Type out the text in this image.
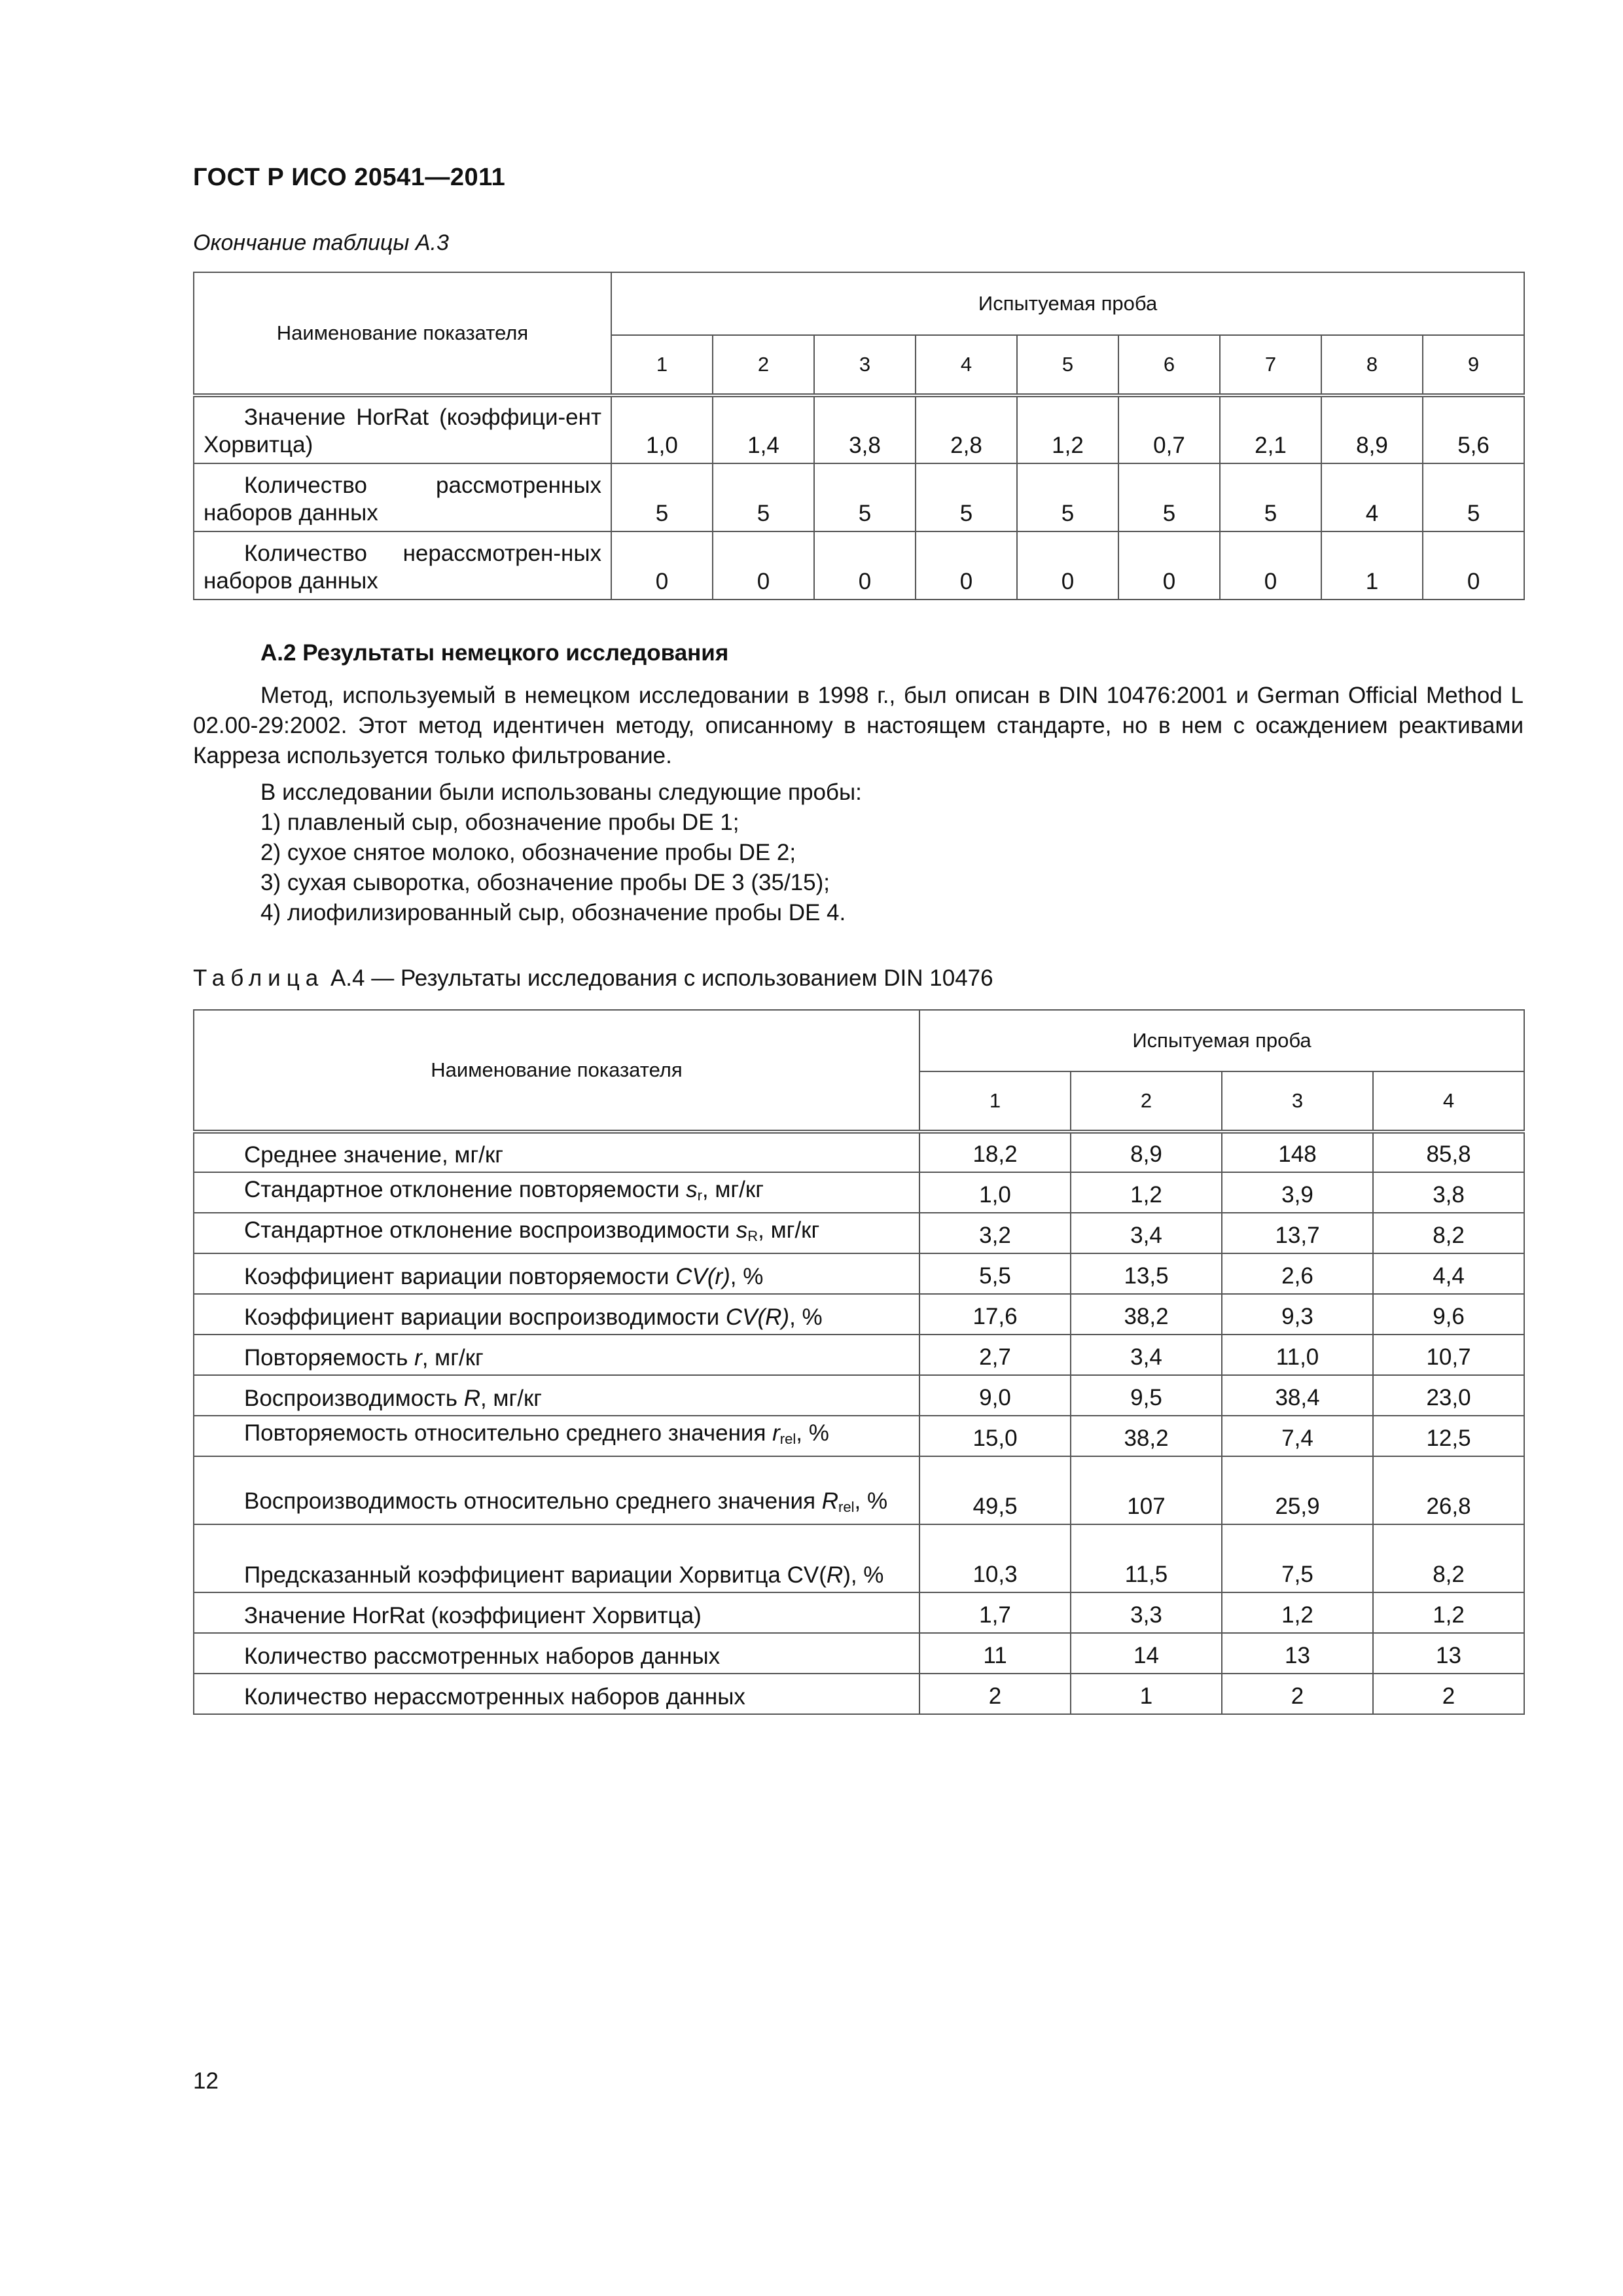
ГОСТ Р ИСО 20541—2011
Окончание таблицы А.3
Наименование показателя	Испытуемая проба								
	1	2	3	4	5	6	7	8	9
Значение HorRat (коэффици-ент Хорвитца)	1,0	1,4	3,8	2,8	1,2	0,7	2,1	8,9	5,6
Количество рассмотренных наборов данных	5	5	5	5	5	5	5	4	5
Количество нерассмотрен-ных наборов данных	0	0	0	0	0	0	0	1	0
А.2 Результаты немецкого исследования
Метод, используемый в немецком исследовании в 1998 г., был описан в DIN 10476:2001 и German Official Method L 02.00-29:2002. Этот метод идентичен методу, описанному в настоящем стандарте, но в нем с осаждением реактивами Карреза используется только фильтрование.
В исследовании были использованы следующие пробы:
1) плавленый сыр, обозначение пробы DE 1;
2) сухое снятое молоко, обозначение пробы DE 2;
3) сухая сыворотка, обозначение пробы DE 3 (35/15);
4) лиофилизированный сыр, обозначение пробы DE 4.
Таблица А.4 — Результаты исследования с использованием DIN 10476
Наименование показателя	Испытуемая проба			
	1	2	3	4
Среднее значение, мг/кг	18,2	8,9	148	85,8
Стандартное отклонение повторяемости $s_r$, мг/кг	1,0	1,2	3,9	3,8
Стандартное отклонение воспроизводимости $s_R$, мг/кг	3,2	3,4	13,7	8,2
Коэффициент вариации повторяемости CV(r), %	5,5	13,5	2,6	4,4
Коэффициент вариации воспроизводимости CV(R), %	17,6	38,2	9,3	9,6
Повторяемость r, мг/кг	2,7	3,4	11,0	10,7
Воспроизводимость R, мг/кг	9,0	9,5	38,4	23,0
Повторяемость относительно среднего значения $r_{rel}$, %	15,0	38,2	7,4	12,5
Воспроизводимость относительно среднего значения $R_{rel}$, %	49,5	107	25,9	26,8
Предсказанный коэффициент вариации Хорвитца CV(R), %	10,3	11,5	7,5	8,2
Значение HorRat (коэффициент Хорвитца)	1,7	3,3	1,2	1,2
Количество рассмотренных наборов данных	11	14	13	13
Количество нерассмотренных наборов данных	2	1	2	2
12
